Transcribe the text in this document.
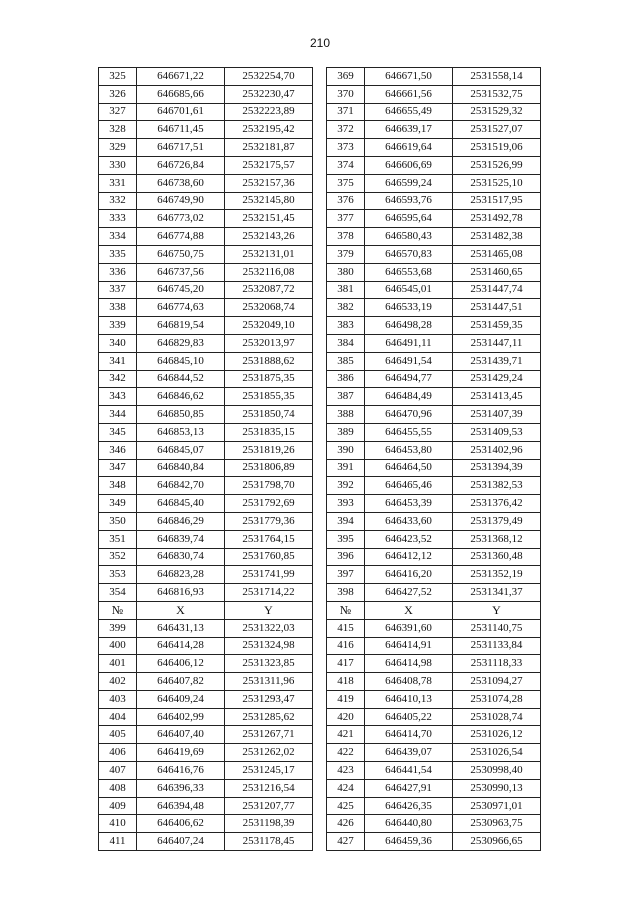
210
325	646671,22	2532254,70		369	646671,50	2531558,14
326	646685,66	2532230,47		370	646661,56	2531532,75
327	646701,61	2532223,89		371	646655,49	2531529,32
328	646711,45	2532195,42		372	646639,17	2531527,07
329	646717,51	2532181,87		373	646619,64	2531519,06
330	646726,84	2532175,57		374	646606,69	2531526,99
331	646738,60	2532157,36		375	646599,24	2531525,10
332	646749,90	2532145,80		376	646593,76	2531517,95
333	646773,02	2532151,45		377	646595,64	2531492,78
334	646774,88	2532143,26		378	646580,43	2531482,38
335	646750,75	2532131,01		379	646570,83	2531465,08
336	646737,56	2532116,08		380	646553,68	2531460,65
337	646745,20	2532087,72		381	646545,01	2531447,74
338	646774,63	2532068,74		382	646533,19	2531447,51
339	646819,54	2532049,10		383	646498,28	2531459,35
340	646829,83	2532013,97		384	646491,11	2531447,11
341	646845,10	2531888,62		385	646491,54	2531439,71
342	646844,52	2531875,35		386	646494,77	2531429,24
343	646846,62	2531855,35		387	646484,49	2531413,45
344	646850,85	2531850,74		388	646470,96	2531407,39
345	646853,13	2531835,15		389	646455,55	2531409,53
346	646845,07	2531819,26		390	646453,80	2531402,96
347	646840,84	2531806,89		391	646464,50	2531394,39
348	646842,70	2531798,70		392	646465,46	2531382,53
349	646845,40	2531792,69		393	646453,39	2531376,42
350	646846,29	2531779,36		394	646433,60	2531379,49
351	646839,74	2531764,15		395	646423,52	2531368,12
352	646830,74	2531760,85		396	646412,12	2531360,48
353	646823,28	2531741,99		397	646416,20	2531352,19
354	646816,93	2531714,22		398	646427,52	2531341,37
№	X	Y		№	X	Y
399	646431,13	2531322,03		415	646391,60	2531140,75
400	646414,28	2531324,98		416	646414,91	2531133,84
401	646406,12	2531323,85		417	646414,98	2531118,33
402	646407,82	2531311,96		418	646408,78	2531094,27
403	646409,24	2531293,47		419	646410,13	2531074,28
404	646402,99	2531285,62		420	646405,22	2531028,74
405	646407,40	2531267,71		421	646414,70	2531026,12
406	646419,69	2531262,02		422	646439,07	2531026,54
407	646416,76	2531245,17		423	646441,54	2530998,40
408	646396,33	2531216,54		424	646427,91	2530990,13
409	646394,48	2531207,77		425	646426,35	2530971,01
410	646406,62	2531198,39		426	646440,80	2530963,75
411	646407,24	2531178,45		427	646459,36	2530966,65
